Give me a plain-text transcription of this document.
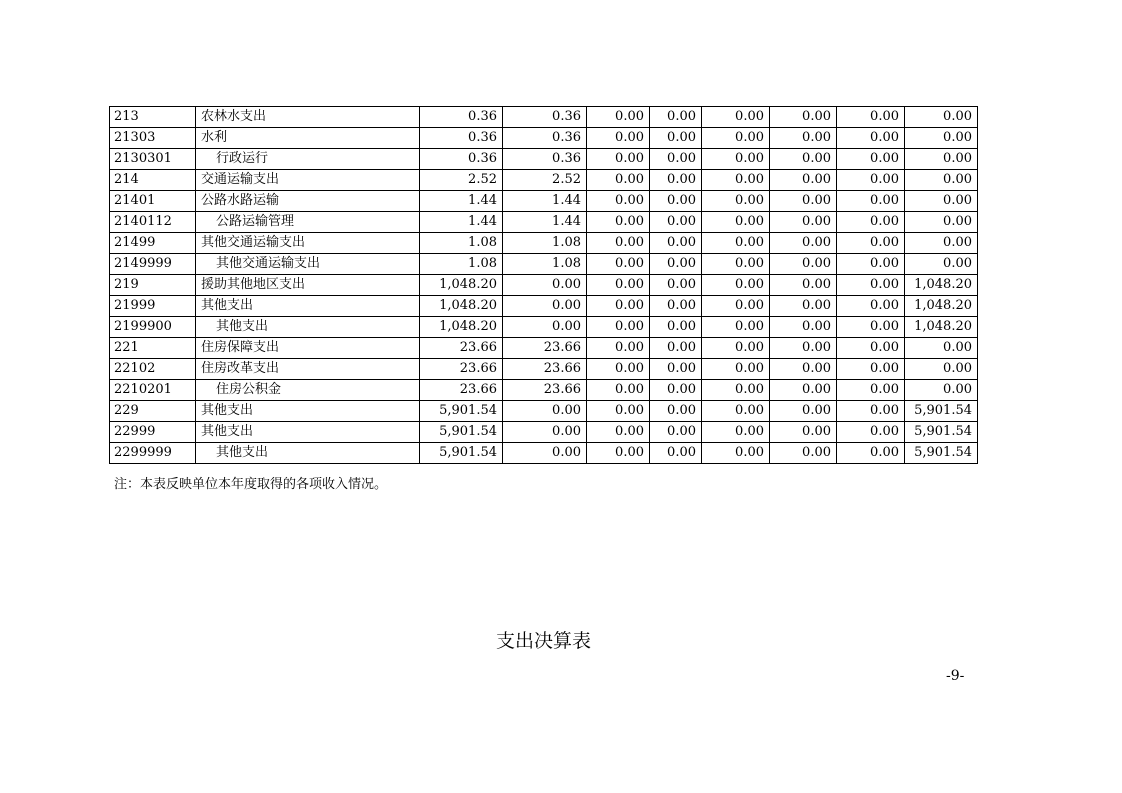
213	农林水支出	0.36	0.36	0.00	0.00	0.00	0.00	0.00	0.00
21303	水利	0.36	0.36	0.00	0.00	0.00	0.00	0.00	0.00
2130301	行政运行	0.36	0.36	0.00	0.00	0.00	0.00	0.00	0.00
214	交通运输支出	2.52	2.52	0.00	0.00	0.00	0.00	0.00	0.00
21401	公路水路运输	1.44	1.44	0.00	0.00	0.00	0.00	0.00	0.00
2140112	公路运输管理	1.44	1.44	0.00	0.00	0.00	0.00	0.00	0.00
21499	其他交通运输支出	1.08	1.08	0.00	0.00	0.00	0.00	0.00	0.00
2149999	其他交通运输支出	1.08	1.08	0.00	0.00	0.00	0.00	0.00	0.00
219	援助其他地区支出	1,048.20	0.00	0.00	0.00	0.00	0.00	0.00	1,048.20
21999	其他支出	1,048.20	0.00	0.00	0.00	0.00	0.00	0.00	1,048.20
2199900	其他支出	1,048.20	0.00	0.00	0.00	0.00	0.00	0.00	1,048.20
221	住房保障支出	23.66	23.66	0.00	0.00	0.00	0.00	0.00	0.00
22102	住房改革支出	23.66	23.66	0.00	0.00	0.00	0.00	0.00	0.00
2210201	住房公积金	23.66	23.66	0.00	0.00	0.00	0.00	0.00	0.00
229	其他支出	5,901.54	0.00	0.00	0.00	0.00	0.00	0.00	5,901.54
22999	其他支出	5,901.54	0.00	0.00	0.00	0.00	0.00	0.00	5,901.54
2299999	其他支出	5,901.54	0.00	0.00	0.00	0.00	0.00	0.00	5,901.54
注：本表反映单位本年度取得的各项收入情况。
支出决算表
-9-
